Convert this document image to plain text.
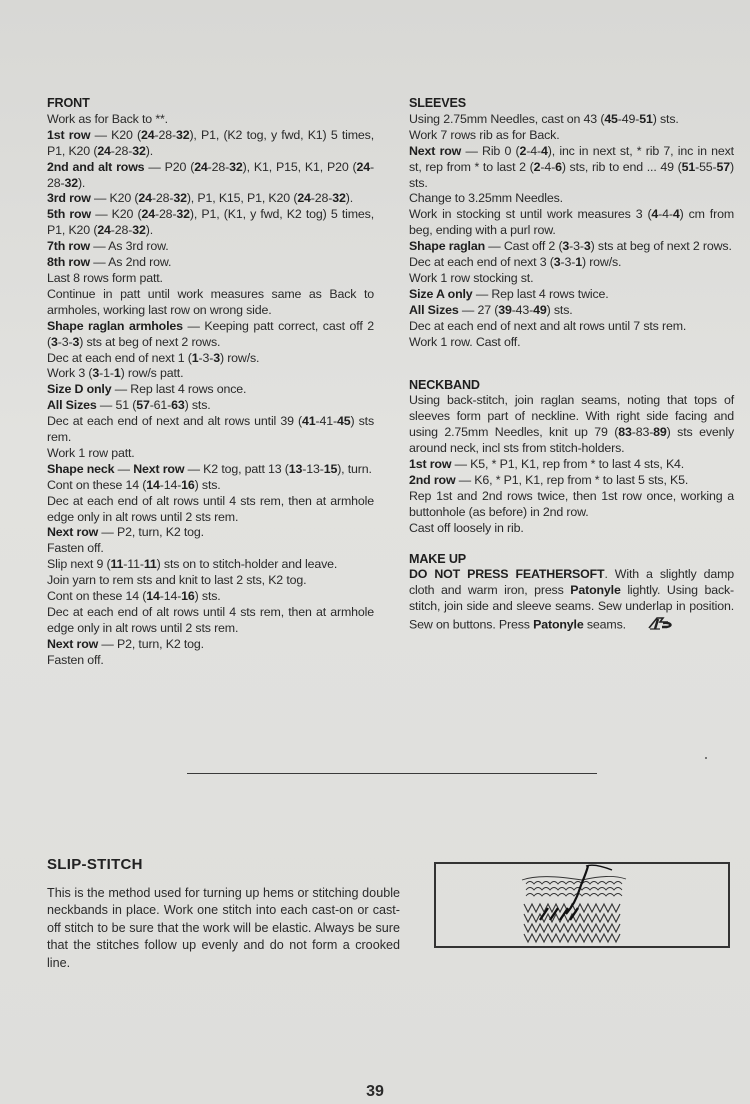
FRONT
Work as for Back to **.
1st row — K20 (24-28-32), P1, (K2 tog, y fwd, K1) 5 times, P1, K20 (24-28-32).
2nd and alt rows — P20 (24-28-32), K1, P15, K1, P20 (24-28-32).
3rd row — K20 (24-28-32), P1, K15, P1, K20 (24-28-32).
5th row — K20 (24-28-32), P1, (K1, y fwd, K2 tog) 5 times, P1, K20 (24-28-32).
7th row — As 3rd row.
8th row — As 2nd row.
Last 8 rows form patt.
Continue in patt until work measures same as Back to armholes, working last row on wrong side.
Shape raglan armholes — Keeping patt correct, cast off 2 (3-3-3) sts at beg of next 2 rows.
Dec at each end of next 1 (1-3-3) row/s.
Work 3 (3-1-1) row/s patt.
Size D only — Rep last 4 rows once.
All Sizes — 51 (57-61-63) sts.
Dec at each end of next and alt rows until 39 (41-41-45) sts rem.
Work 1 row patt.
Shape neck — Next row — K2 tog, patt 13 (13-13-15), turn.
Cont on these 14 (14-14-16) sts.
Dec at each end of alt rows until 4 sts rem, then at armhole edge only in alt rows until 2 sts rem.
Next row — P2, turn, K2 tog.
Fasten off.
Slip next 9 (11-11-11) sts on to stitch-holder and leave.
Join yarn to rem sts and knit to last 2 sts, K2 tog.
Cont on these 14 (14-14-16) sts.
Dec at each end of alt rows until 4 sts rem, then at armhole edge only in alt rows until 2 sts rem.
Next row — P2, turn, K2 tog.
Fasten off.
SLEEVES
Using 2.75mm Needles, cast on 43 (45-49-51) sts.
Work 7 rows rib as for Back.
Next row — Rib 0 (2-4-4), inc in next st, * rib 7, inc in next st, rep from * to last 2 (2-4-6) sts, rib to end ... 49 (51-55-57) sts.
Change to 3.25mm Needles.
Work in stocking st until work measures 3 (4-4-4) cm from beg, ending with a purl row.
Shape raglan — Cast off 2 (3-3-3) sts at beg of next 2 rows.
Dec at each end of next 3 (3-3-1) row/s.
Work 1 row stocking st.
Size A only — Rep last 4 rows twice.
All Sizes — 27 (39-43-49) sts.
Dec at each end of next and alt rows until 7 sts rem.
Work 1 row. Cast off.
NECKBAND
Using back-stitch, join raglan seams, noting that tops of sleeves form part of neckline. With right side facing and using 2.75mm Needles, knit up 79 (83-83-89) sts evenly around neck, incl sts from stitch-holders.
1st row — K5, * P1, K1, rep from * to last 4 sts, K4.
2nd row — K6, * P1, K1, rep from * to last 5 sts, K5.
Rep 1st and 2nd rows twice, then 1st row once, working a buttonhole (as before) in 2nd row.
Cast off loosely in rib.
MAKE UP
DO NOT PRESS FEATHERSOFT. With a slightly damp cloth and warm iron, press Patonyle lightly. Using back-stitch, join side and sleeve seams. Sew underlap in position. Sew on buttons. Press Patonyle seams.
SLIP-STITCH
This is the method used for turning up hems or stitching double neckbands in place. Work one stitch into each cast-on or cast-off stitch to be sure that the work will be elastic. Always be sure that the stitches follow up evenly and do not form a crooked line.
39
